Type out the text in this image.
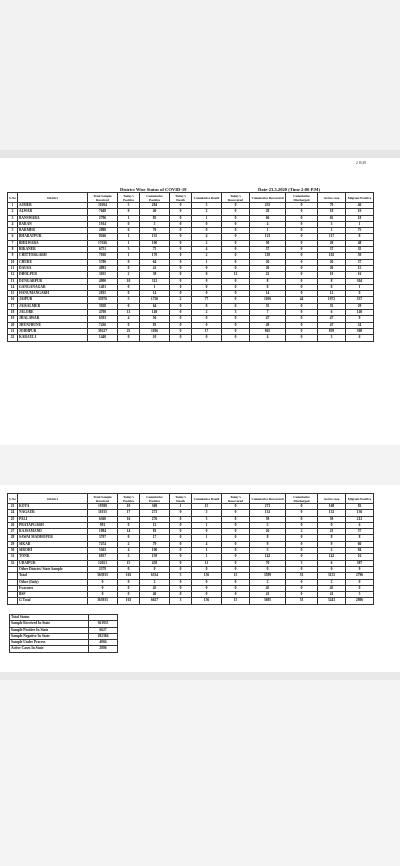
2 8/49
District Wise Status of COVID-19	Date-23.5.2020 (Time 2:00 P.M)
S.No	District	Total Sample Received	Today's Positive	Cumulative Positive	Today's Death	Cumulative Death	Today's Recovered	Cumulative Recovered	Cumulative Discharged	Active case	Migrant Positive
1	AJMER	11694	5	284	0	3	0	235	0	79	46
2	ALWAR	7648	0	40	0	2	0	28	0	18	10
3	BANSWARA	2796	1	85	0	1	0	66	0	65	18
4	BARAN	1914	0	5	0	0	0	4	0	3	1
5	BARMER	2880	6	76	0	0	0	1	0	1	75
6	BHARATPUR	8266	1	135	0	4	0	123	0	117	8
7	BHILWARA	17636	1	100	0	2	0	50	0	28	48
8	BIKANER	6751	3	75	0	4	0	37	0	37	35
9	CHITTORGARH	7030	1	170	0	2	0	118	0	102	50
10	CHURU	5780	0	64	0	1	0	26	0	26	37
11	DAUSA	4883	0	41	0	0	0	26	0	26	15
12	DHOLPUR	3035	2	38	0	0	12	22	0	10	16
13	DUNGARPUR	4990	10	312	0	0	0	8	0	8	304
14	GANGANAGAR	1401	0	1	0	0	0	0	0	0	1
15	HANUMANGARH	2835	0	14	0	0	0	14	0	12	0
16	JAIPUR	33976	5	1720	2	77	0	1106	44	1072	537
17	JAISALMER	3928	0	64	0	0	0	35	0	35	29
18	JALORE	4708	13	149	0	2	3	7	0	6	140
19	JHALAWAR	6593	4	56	0	0	0	47	0	47	9
20	JHUNJHUNU	7436	0	83	0	0	0	49	0	47	34
21	JODHPUR	39227	23	1186	0	17	0	865	0	859	308
22	KARAULI	1440	0	10	0	0	0	4	0	3	6
S.No	District	Total Sample Received	Today's Positive	Cumulative Positive	Today's Death	Cumulative Death	Today's Recovered	Cumulative Recovered	Cumulative Discharged	Active case	Migrant Positive
23	KOTA	19398	10	369	1	15	0	272	0	168	82
24	NAGAUR	11035	17	273	0	5	0	132	0	132	136
25	PALI	6360	16	276	0	3	0	59	0	59	212
26	PRATAPGARH	981	0	12	0	1	0	5	0	0	6
27	RAJSAMAND	1984	14	83	0	0	0	26	2	23	57
28	SAWAI MADHOPUR	3707	0	17	0	1	0	8	0	8	8
29	SIKAR	7474	2	79	0	4	0	9	0	9	66
30	SIROHI	5363	4	100	0	1	0	5	0	2	94
31	TONK	6957	3	159	0	1	0	142	0	142	16
32	UDAIPUR	12651	15	458	0	11	0	70	3	6	387
	Other District/ State Sample	2379	0	0	0	0	0	0	0	0	0
	Total	363935	163	6534	3	156	15	3599	53	3155	2796
	Other (Italy)	0	0	2	0	0	0	2	0	2	0
	Evacuees	0	0	45	0	0	0	45	0	45	0
	BSF	0	0	46	0	0	0	41	0	41	5
	G Total	363935	163	6627	3	156	15	3695	53	3243	2806
Total Status	
Sample Received In State	363935
Sample Positive In State	6627
Sample Negative In State	292384
Sample Under Process	4004
Active Cases In State	2806
